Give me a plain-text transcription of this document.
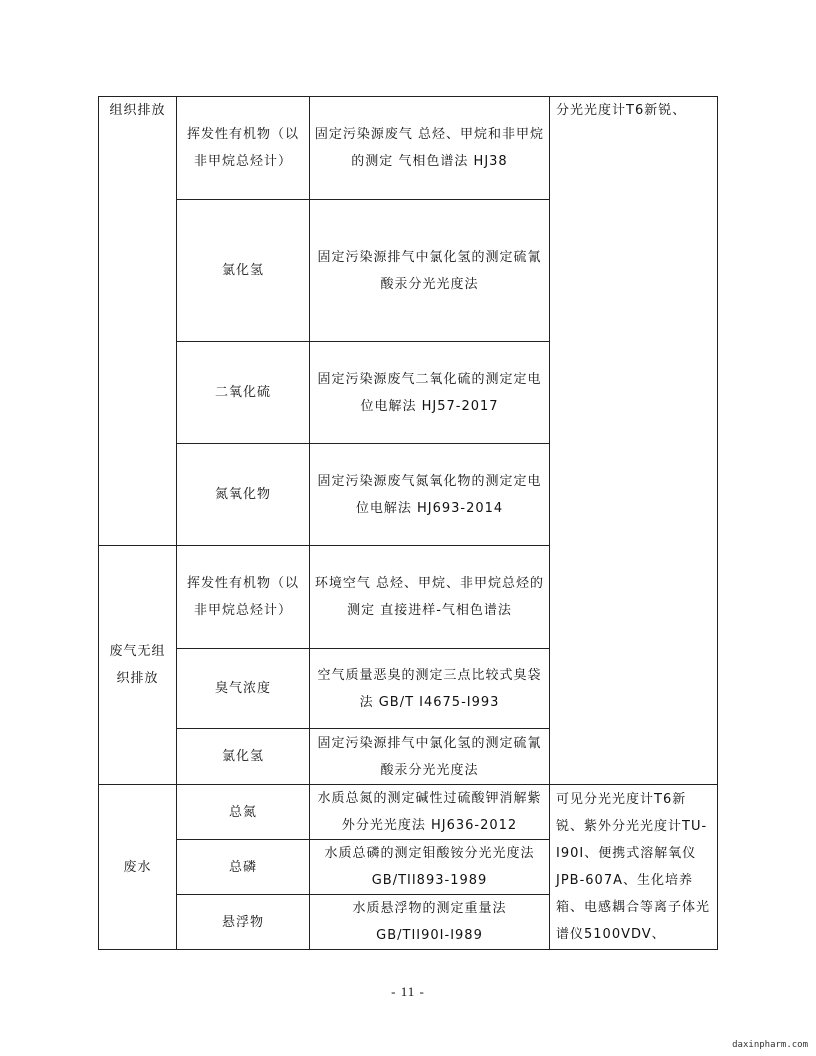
组织排放	挥发性有机物（以非甲烷总烃计）	固定污染源废气 总烃、甲烷和非甲烷的测定 气相色谱法 HJ38	分光光度计T6新锐、
	氯化氢	固定污染源排气中氯化氢的测定硫氰酸汞分光光度法	
	二氧化硫	固定污染源废气二氧化硫的测定定电位电解法 HJ57-2017	
	氮氧化物	固定污染源废气氮氧化物的测定定电位电解法 HJ693-2014	
废气无组织排放	挥发性有机物（以非甲烷总烃计）	环境空气 总烃、甲烷、非甲烷总烃的测定 直接进样-气相色谱法	
	臭气浓度	空气质量恶臭的测定三点比较式臭袋法 GB/T I4675-I993	
	氯化氢	固定污染源排气中氯化氢的测定硫氰酸汞分光光度法	
废水	总氮	水质总氮的测定碱性过硫酸钾消解紫外分光光度法 HJ636-2012	可见分光光度计T6新锐、紫外分光光度计TU-I90I、便携式溶解氧仪 JPB-607A、生化培养箱、电感耦合等离子体光谱仪5100VDV、
	总磷	水质总磷的测定钼酸铵分光光度法 GB/TII893-1989	
	悬浮物	水质悬浮物的测定重量法 GB/TII90I-I989	
- 11 -
daxinpharm.com
